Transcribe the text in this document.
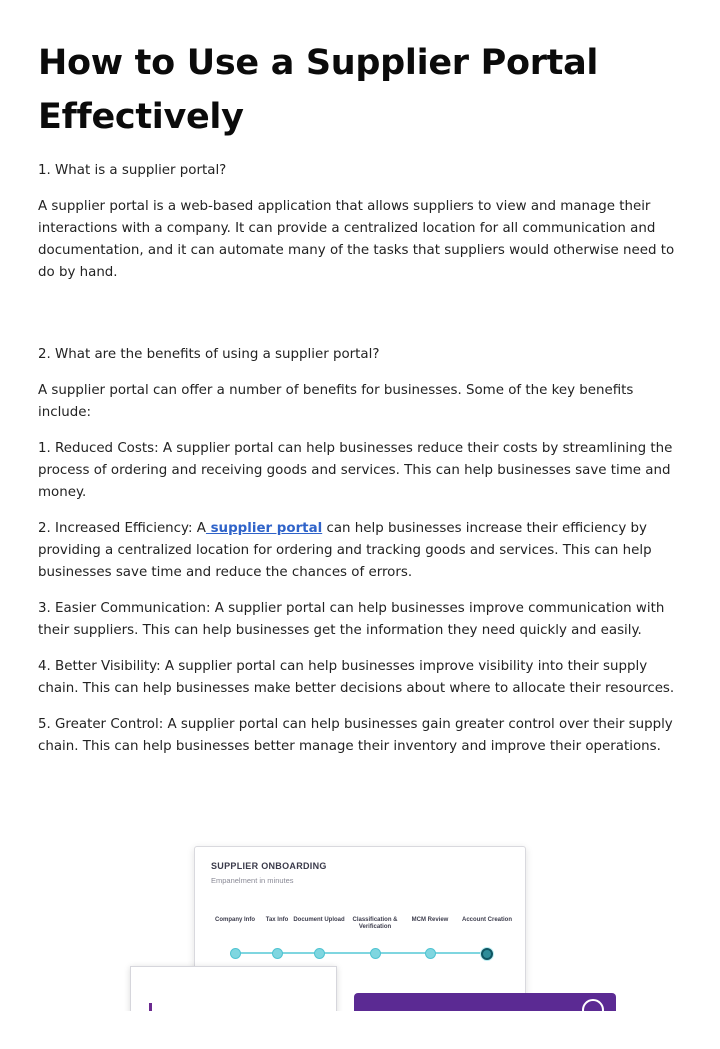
How to Use a Supplier Portal Effectively

1. What is a supplier portal?

A supplier portal is a web-based application that allows suppliers to view and manage their interactions with a company. It can provide a centralized location for all communication and documentation, and it can automate many of the tasks that suppliers would otherwise need to do by hand.

2. What are the benefits of using a supplier portal?

A supplier portal can offer a number of benefits for businesses. Some of the key benefits include:

1. Reduced Costs: A supplier portal can help businesses reduce their costs by streamlining the process of ordering and receiving goods and services. This can help businesses save time and money.

2. Increased Efficiency: A supplier portal can help businesses increase their efficiency by providing a centralized location for ordering and tracking goods and services. This can help businesses save time and reduce the chances of errors.

3. Easier Communication: A supplier portal can help businesses improve communication with their suppliers. This can help businesses get the information they need quickly and easily.

4. Better Visibility: A supplier portal can help businesses improve visibility into their supply chain. This can help businesses make better decisions about where to allocate their resources.

5. Greater Control: A supplier portal can help businesses gain greater control over their supply chain. This can help businesses better manage their inventory and improve their operations.

SUPPLIER ONBOARDING
Empanelment in minutes
Company Info	Tax Info Document Upload	Classification & Verification
MCM Review	Account Creation
